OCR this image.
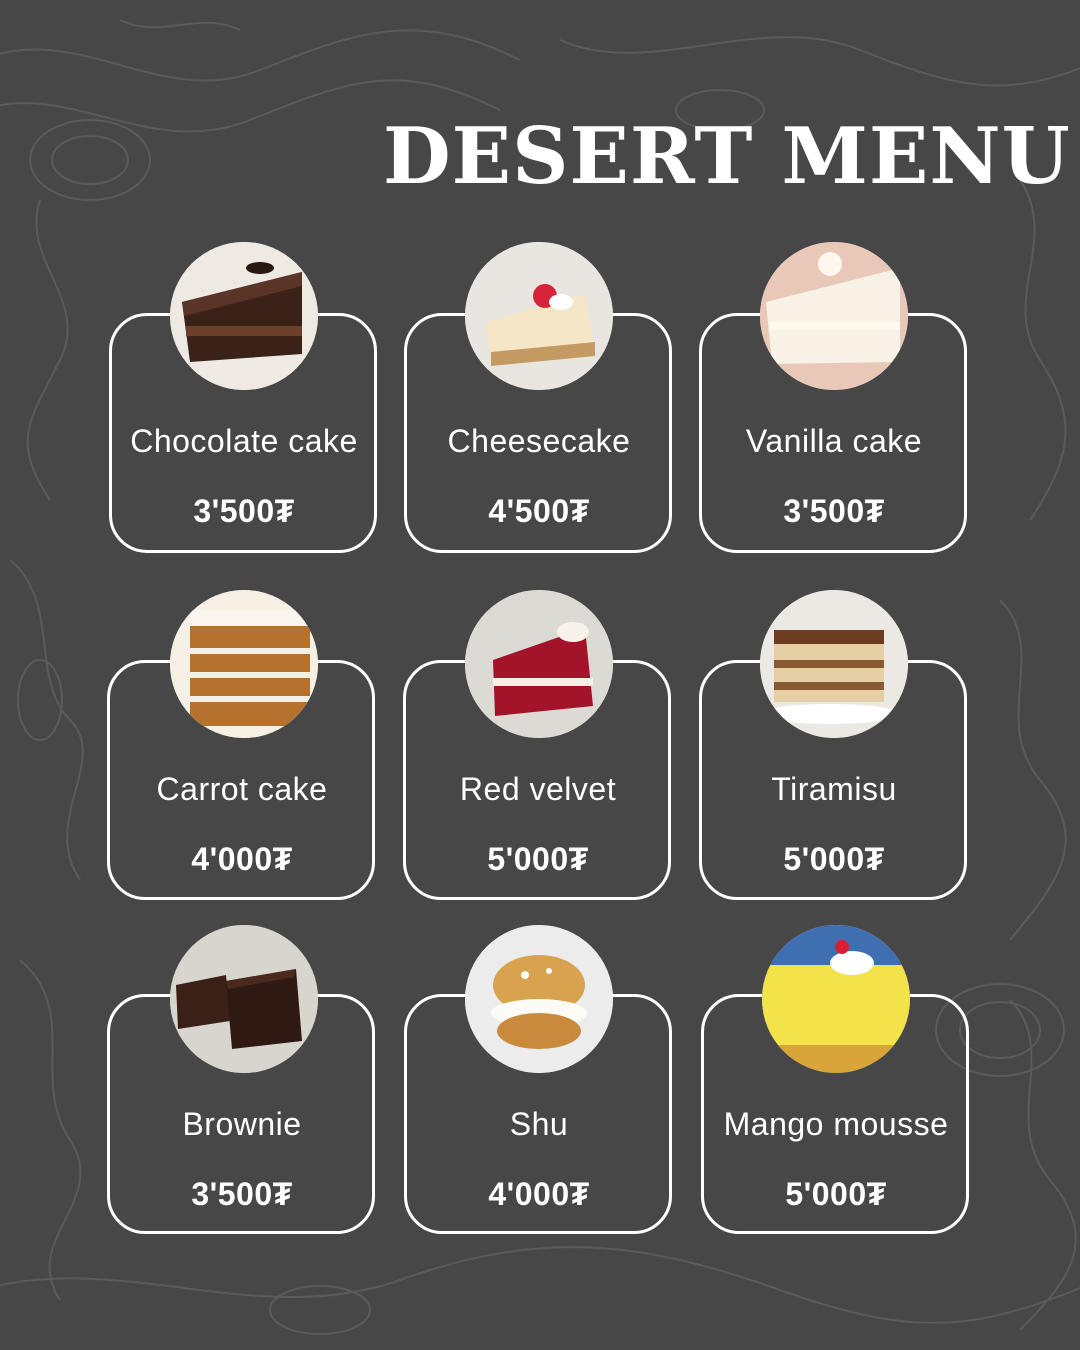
DESERT MENU
Chocolate cake
3'500₮
Cheesecake
4'500₮
Vanilla cake
3'500₮
Carrot cake
4'000₮
Red velvet
5'000₮
Tiramisu
5'000₮
Brownie
3'500₮
Shu
4'000₮
Mango mousse
5'000₮
